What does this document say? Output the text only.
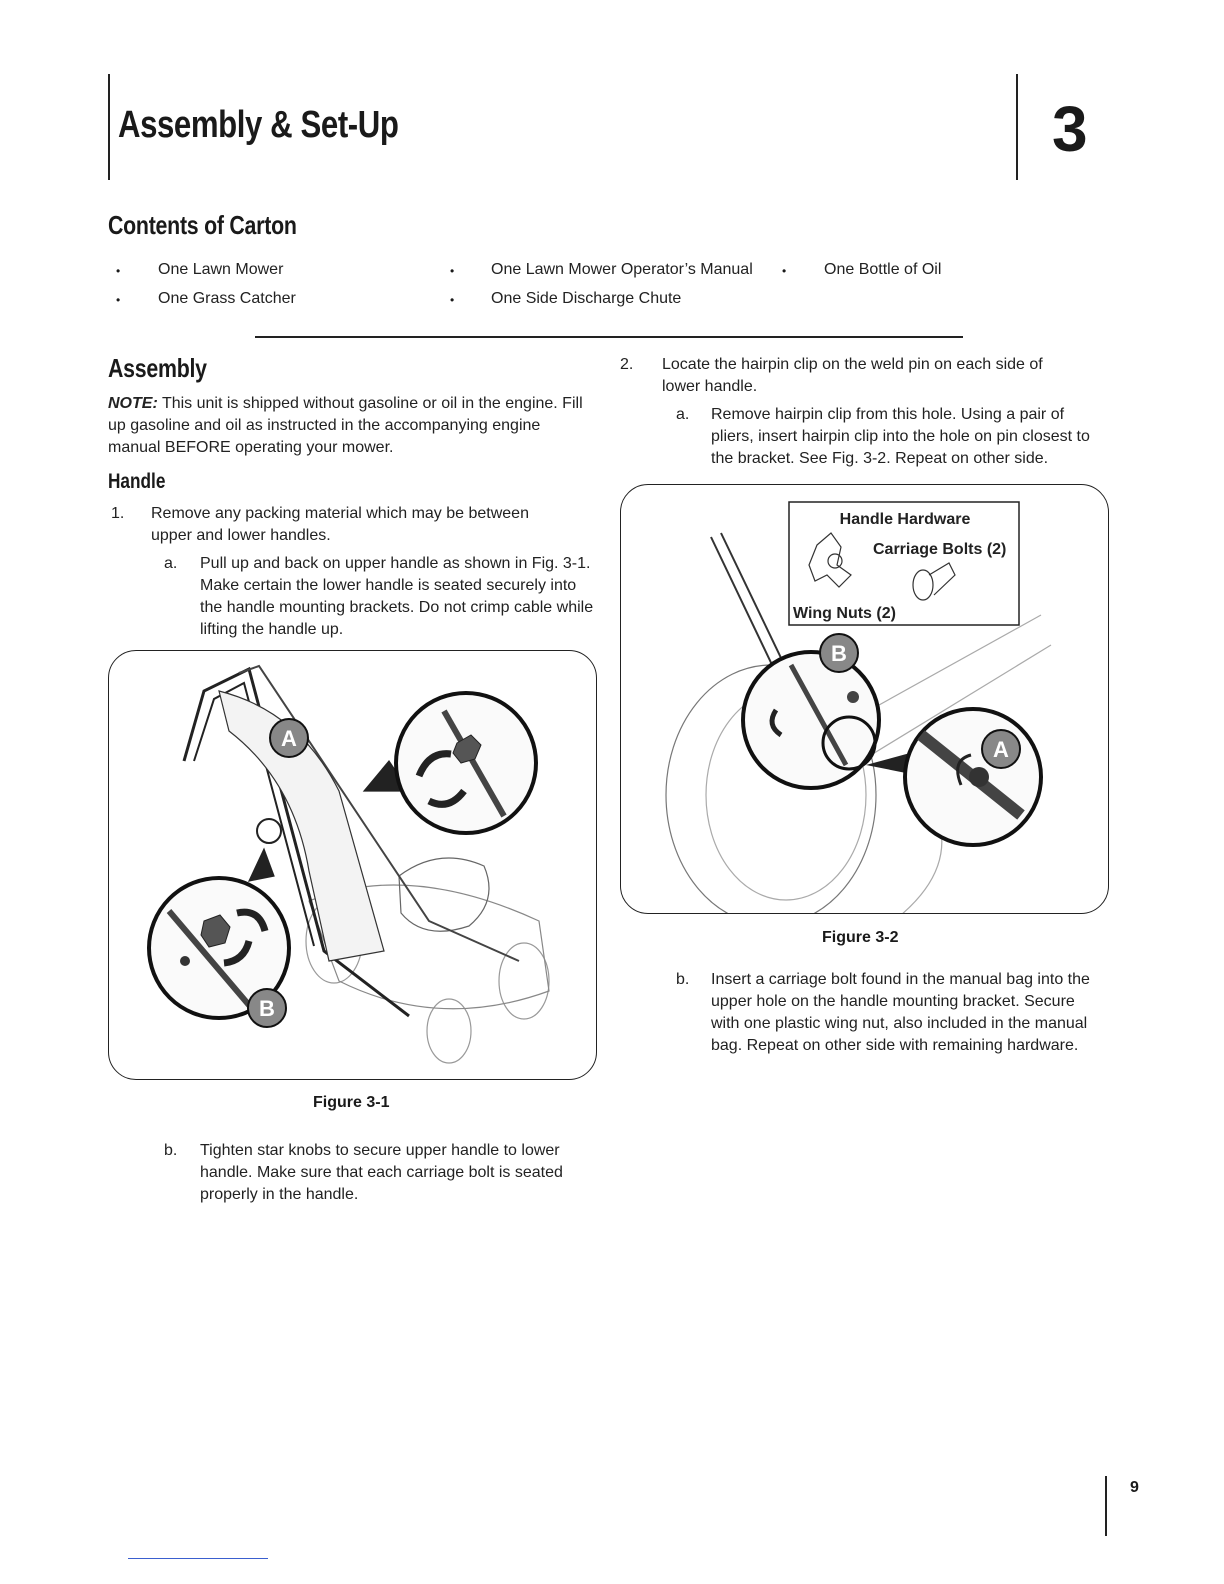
Assembly & Set-Up	3
Contents of Carton
• One Lawn Mower
• One Grass Catcher
• One Lawn Mower Operator’s Manual
• One Side Discharge Chute
• One Bottle of Oil
Assembly
NOTE: This unit is shipped without gasoline or oil in the engine. Fill up gasoline and oil as instructed in the accompanying engine manual BEFORE operating your mower.
Handle
1. Remove any packing material which may be between upper and lower handles.
a. Pull up and back on upper handle as shown in Fig. 3-1. Make certain the lower handle is seated securely into the handle mounting brackets. Do not crimp cable while lifting the handle up.
A
B
Figure 3-1
b. Tighten star knobs to secure upper handle to lower handle. Make sure that each carriage bolt is seated properly in the handle.
2. Locate the hairpin clip on the weld pin on each side of lower handle.
a. Remove hairpin clip from this hole. Using a pair of pliers, insert hairpin clip into the hole on pin closest to the bracket. See Fig. 3-2. Repeat on other side.
Handle Hardware
Carriage Bolts (2)
Wing Nuts (2)
B
A
Figure 3-2
b. Insert a carriage bolt found in the manual bag into the upper hole on the handle mounting bracket. Secure with one plastic wing nut, also included in the manual bag. Repeat on other side with remaining hardware.
9
